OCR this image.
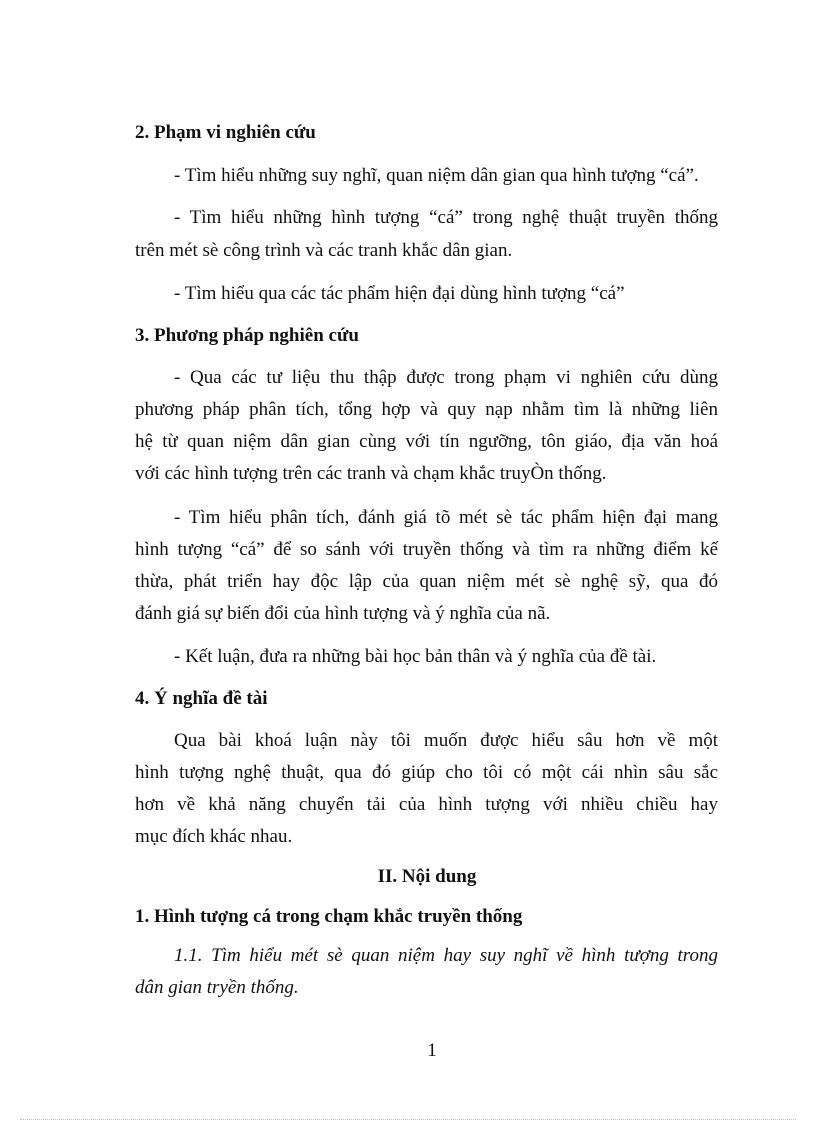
2. Phạm vi nghiên cứu
- Tìm hiểu những suy nghĩ, quan niệm dân gian qua hình tượng “cá”.
- Tìm hiểu những hình tượng “cá” trong nghệ thuật truyền thống
trên mét sè công trình và các tranh khắc dân gian.
- Tìm hiểu qua các tác phẩm hiện đại dùng hình tượng “cá”
3. Phương pháp nghiên cứu
- Qua các tư liệu thu thập được trong phạm vi nghiên cứu dùng
phương pháp phân tích, tổng hợp và quy nạp nhằm tìm là những liên
hệ từ quan niệm dân gian cùng với tín ngưỡng, tôn giáo, địa văn hoá
với các hình tượng trên các tranh và chạm khắc truyÒn thống.
- Tìm hiểu phân tích, đánh giá tõ mét sè tác phẩm hiện đại mang
hình tượng “cá” để so sánh với truyền thống và tìm ra những điểm kế
thừa, phát triển hay độc lập của quan niệm mét sè nghệ sỹ, qua đó
đánh giá sự biến đổi của hình tượng và ý nghĩa của nã.
- Kết luận, đưa ra những bài học bản thân và ý nghĩa của đề tài.
4. Ý nghĩa đề tài
Qua bài khoá luận này tôi muốn được hiểu sâu hơn về một
hình tượng nghệ thuật, qua đó giúp cho tôi có một cái nhìn sâu sắc
hơn về khả năng chuyển tải của hình tượng với nhiều chiều hay
mục đích khác nhau.
II. Nội dung
1. Hình tượng cá trong chạm khắc truyền thống
1.1. Tìm hiểu mét sè quan niệm hay suy nghĩ về hình tượng trong
dân gian tryền thống.
1
